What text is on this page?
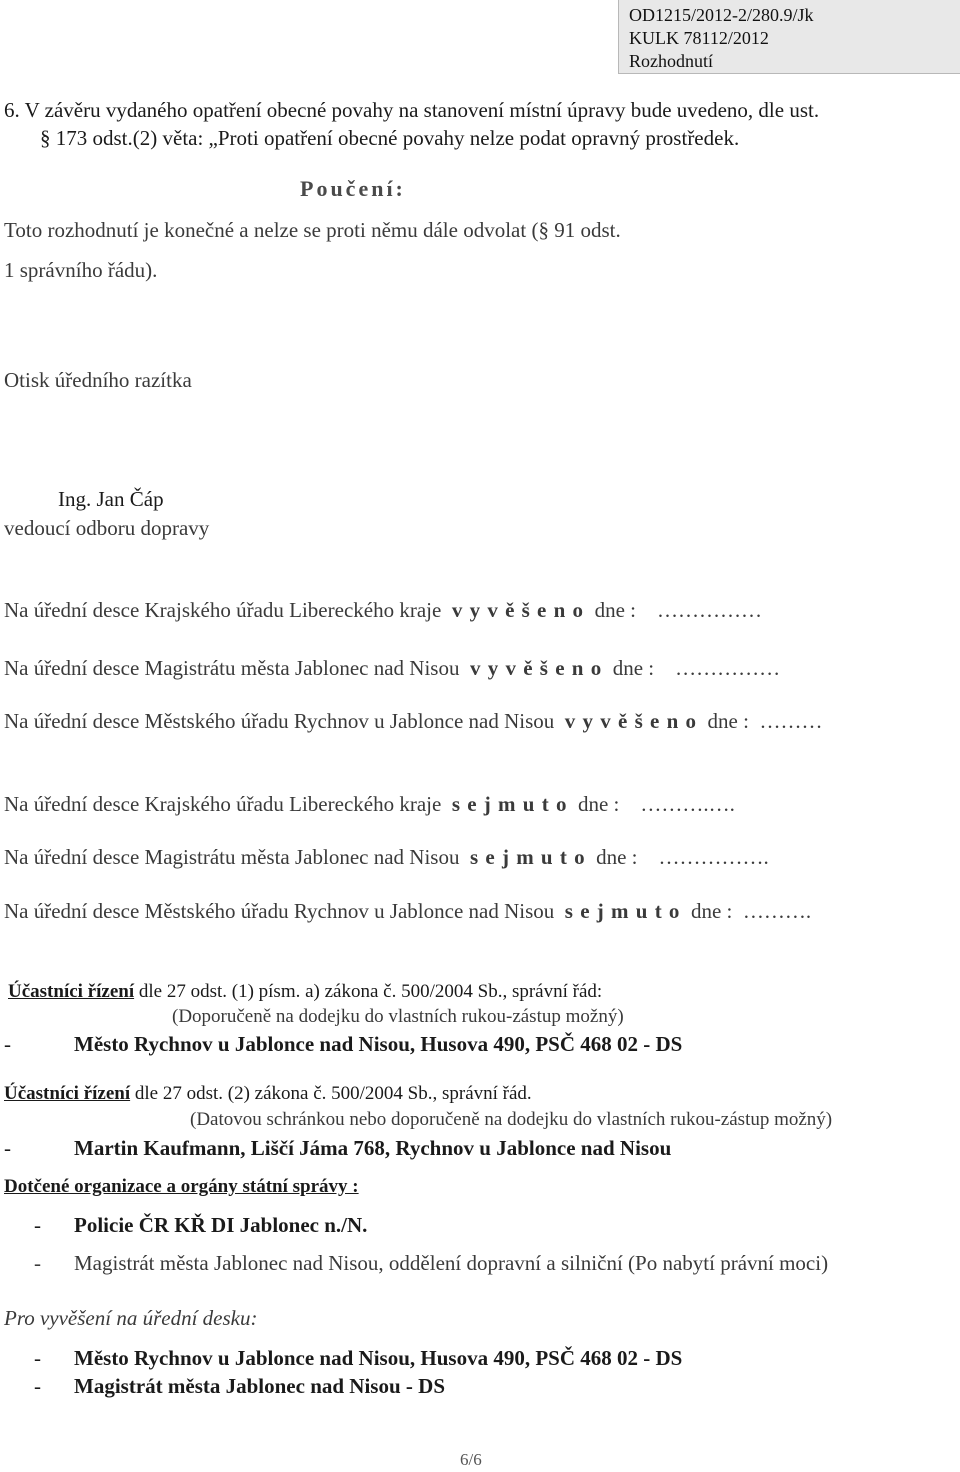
OD1215/2012-2/280.9/Jk
KULK 78112/2012
Rozhodnutí
6. V závěru vydaného opatření obecné povahy na stanovení místní úpravy bude uvedeno, dle ust.
§ 173 odst.(2) věta: „Proti opatření obecné povahy nelze podat opravný prostředek.
Poučení:
Toto rozhodnutí je konečné a nelze se proti němu dále odvolat (§ 91 odst.
1 správního řádu).
Otisk úředního razítka
Ing. Jan Čáp
vedoucí odboru dopravy
Na úřední desce Krajského úřadu Libereckého kraje v y v ě š e n o dne : ……………
Na úřední desce Magistrátu města Jablonec nad Nisou v y v ě š e n o dne : ……………
Na úřední desce Městského úřadu Rychnov u Jablonce nad Nisou v y v ě š e n o dne : ………
Na úřední desce Krajského úřadu Libereckého kraje s e j m u t o dne : ……….….
Na úřední desce Magistrátu města Jablonec nad Nisou s e j m u t o dne : …………….
Na úřední desce Městského úřadu Rychnov u Jablonce nad Nisou s e j m u t o dne : ……….
Účastníci řízení dle 27 odst. (1) písm. a) zákona č. 500/2004 Sb., správní řád:
(Doporučeně na dodejku do vlastních rukou-zástup možný)
-	Město Rychnov u Jablonce nad Nisou, Husova 490, PSČ 468 02 - DS
Účastníci řízení dle 27 odst. (2) zákona č. 500/2004 Sb., správní řád.
(Datovou schránkou nebo doporučeně na dodejku do vlastních rukou-zástup možný)
-	Martin Kaufmann, Liščí Jáma 768, Rychnov u Jablonce nad Nisou
Dotčené organizace a orgány státní správy :
- Policie ČR KŘ DI Jablonec n./N.
- Magistrát města Jablonec nad Nisou, oddělení dopravní a silniční (Po nabytí právní moci)
Pro vyvěšení na úřední desku:
- Město Rychnov u Jablonce nad Nisou, Husova 490, PSČ 468 02 - DS
- Magistrát města Jablonec nad Nisou - DS
6/6
